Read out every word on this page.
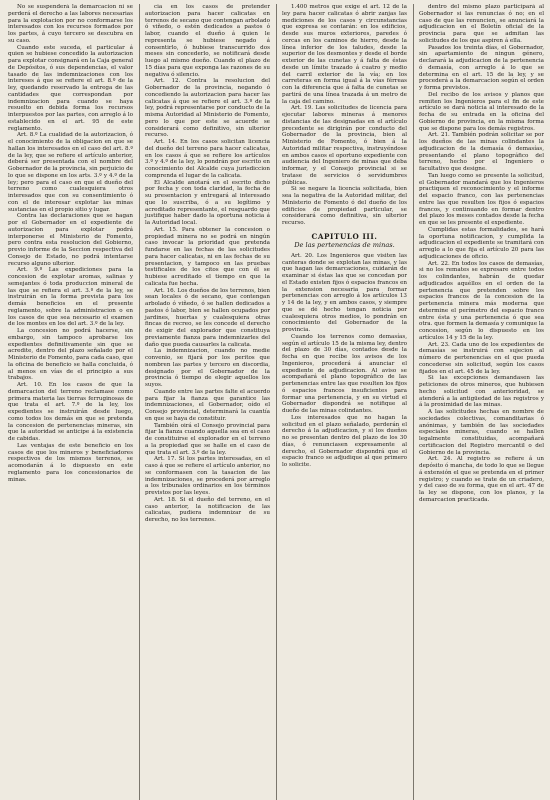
No se suspenderá la demarcacion ni se perderá el derecho a las labores necesarias para la explotacion por no conformarse los interesados con los recursos formados por los partes, á cuyo tercero se descubra en su caso.

Cuando este suceda, el particular á quien se hubiese concedido la autorizacion para explotar consignará en la Caja general de Depósitos, ó sus dependencias, el valor tasado de las indemnizaciones con los intereses á que se refiere el art. 8.º de la ley, quedando reservado la entrega de las cantidades que correspondan por indemnizacion para cuando se haya resuelto en debida forma los recursos interpuestos por las partes, con arreglo á lo establecido en el art. 95 de este reglamento.

Art. 8.º La cualidad de la autorizacion, ó el conocimiento de la obligacion en que se hallan los interesados en el caso del art. 8.º de la ley, que se refiere el artículo anterior, deberá ser presentada con el nombre del Gobernador de la provincia, sin perjuicio de lo que se dispone en los arts. 3.º y 4.º de la ley; pero para el caso en que el dueño del terreno como cualesquiera otros interesados que con su consentimiento ó con el de interesar explotar las minas sustancias en el propio sitio y lugar.

Contra las declaraciones que se hagan por el Gobernador en el expediente de autorizacion para explotar podrá interponerse el Ministerio de Fomento, pero contra esta resolucion del Gobierno, previo informe de la Seccion respectiva del Consejo de Estado, no podrá intentarse recurso alguno ulterior.

Art. 9.º Las expediciones para la concesion de explotar aromas, salinas y semejantes ó toda produccion mineral de las que se refiera el art. 3.º de la ley, se instruirán en la forma prevista para los demás beneficios en el presente reglamento, sobre la administracion o en los casos de que sea necesario el examen de los montes en los del art. 3.º de la ley.

La concesion no podrá hacerse, sin embargo, sin tampoco aprobarse los expedientes definitivamente sin que se acredite, dentro del plazo señalado por el Ministerio de Fomento, para cada caso, que la oficina de beneficio se halla concluida, ó al menos en vías de el principio a sus trabajos.

Art. 10. En los casos de que la demarcacion del terreno reclamase como primera materia las tierras ferruginosas de que trata el art. 7.º de la ley, los expedientes se instruirán desde luego, como todos los demás en que se pretenda la concesion de pertenencias mineras, sin que la autoridad se anticipe á la existencia de cabidas.

Las ventajas de este beneficio en los casos de que los mineros y beneficiadores respectivos de los mismos terrenos, se acomodarán á lo dispuesto en este reglamento para los concesionarios de minas.

cia en los casos de pretender autorizacion para hacer calicatas en terrenos de secano que contengan arbolado ó viñedo, o estén dedicados a pastos ó labor, cuando el dueño á quien le representa se hubiese negado á consentirlo, ó hubiese transcurrido dos meses sin concederlo, se notificará desde luego al mismo dueño. Cuando el plazo de 15 días para que exponga las razones de su negativa ó silencio.

Art. 12. Contra la resolucion del Gobernador de la provincia, negando ó concediendo la autorizacion para hacer las calicatas á que se refiere el art. 3.º de la ley, podrá representarse por conducto de la misma Autoridad al Ministerio de Fomento, pero lo que por este se acuerde se considerará como definitivo, sin ulterior recurso.

Art. 14. En los casos solicitan licencia del dueño del terreno para hacer calicatas, en los casos á que se refiere los artículos 3.º y 4.º de la ley, lo pondrán por escrito en conocimiento del Alcalde cuya jurisdiccion comprenda el lugar de la calicata.

El Alcalde anotará en el escrito dicho por fecha y con toda claridad, la fecha de su presentacion y entregará al interesado que lo suscriba, ó a su legítimo y acreditado representante, el resguardo que justifique haber dado la oportuna noticia á la Autoridad local.

Art. 15. Para obtener la concesion o propiedad minera no se podrá en ningún caso invocar la prioridad que pretenda fundarse en las fechas de las solicitudes para hacer calicatas, ni en las fechas de su presentacion, y tampoco en las pruebas testificales de los citos que con él se hubiese acreditado el tiempo en que la calicata fue hecha.

Art. 16. Los dueños de los terrenos, bien sean locales ó de secano, que contengan arbolado ó viñedo, ó se hallen dedicados a pastos ó labor, bien se hallen ocupados por jardines, huertas y cualesquiera otras fincas de recreo, se les concede el derecho de exigir del explorador que constituya previamente fianza para indemnizarles del daño que pueda causarles la calicata.

La indemnizacion, cuando no medie convenio, se fijará por los peritos que nombren las partes y tercero en discordia, designado por el Gobernador de la provincia ó tiempo de elegir aquellos los suyos.

Cuando entre las partes falte el acuerdo para fijar la fianza que garantice las indemnizaciones, el Gobernador, oído el Consejo provincial, determinará la cuantía en que se haya de constituir.

También oirá el Consejo provincial para fijar la fianza cuando aquella sea en el caso de constituirse el explorador en el terreno a la propiedad que se halle en el caso de que trata el art. 3.º de la ley.

Art. 17. Si los partes interesadas, en el caso á que se refiere el artículo anterior, no se conformasen con la tasacion de las indemnizaciones, se procederá por arreglo a los tribunales ordinarios en los términos previstos por las leyes.

Art. 18. Si el dueño del terreno, en el caso anterior, la notificacion de las calicatas, pudiera indemnizar de su derecho, no los terrenos.

1.400 metros que exige el art. 12 de la ley para hacer calicatas ó abrir zanjas las mediciones de los casos y circunstancias que expresa se contarán: en los edificios, desde sus muros exteriores, paredes ó cercas en los caminos de hierro, desde la línea inferior de los taludes, desde la superior de los desmontes y desde el borde exterior de las cunetas y á falta de éstas desde un límite trazado á cuatro y medio del carril exterior de la vía; en los carreteras en forma igual á la vías férreas con la diferencia que á falta de cunetas se partirá de una línea trazada á un metro de la caja del camino.

Art. 19. Las solicitudes de licencia para ejecutar labores mineras á menores distancias de las designadas en el artículo precedente se dirigirán por conducto del Gobernador de la provincia, bien al Ministerio de Fomento, ó bien á la Autoridad militar respectiva, instruyéndose en ambos casos el oportuno expediente con audiencia del Ingeniero de minas que deba informar, y el Consejo provincial si se tratase de servicios ó servidumbres públicas.

Si se negare la licencia solicitada, bien sea la negativa de la Autoridad militar, del Ministerio de Fomento ó del dueño de los edificios de propiedad particular, se considerará como definitiva, sin ulterior recurso.

CAPITULO III.
De las pertenencias de minas.

Art. 20. Los Ingenieros que visiten las canteras donde se explotan las minas, y las que hagan las demarcaciones, cuidarán de examinar si éstas las que se concedan por el Estado existen fijos ó espacios francos en la extension necesaria para formar pertenencias con arreglo á los artículos 13 y 14 de la ley, y en ambos casos, y siempre que se dé hecho tengan noticia por cualesquiera otros medios, lo pondrán en conocimiento del Gobernador de la provincia.

Cuando los terrenos como demasías, según el artículo 15 de la misma ley, dentro del plazo de 30 días, contados desde la fecha en que recibe los avisos de los Ingenieros, procederá á anunciar el expediente de adjudicacion. Al aviso se acompañará el plano topográfico de las pertenencias entre las que resulten los fijos ó espacios francos insuficientes para formar una pertenencia, y en su virtud el Gobernador dispondrá se notifique al dueño de las minas colindantes.

Los interesados que no hagan la solicitud en el plazo señalado, perderán el derecho á la adjudicacion, y si los dueños no se presentan dentro del plazo de los 30 días, ó renunciasen expresamente al derecho, el Gobernador dispondrá que el espacio franco se adjudique al que primero lo solicite.

dentro del mismo plazo participará al Gobernador si las renuncias ó no; en el caso de que las renuncien, se anunciará la adjudicacion en el Boletín oficial de la provincia para que se admitan las solicitudes de los que aspiren á ella.

Pasados los treinta días, el Gobernador, sin apartamiento de ningun género, declarará la adjudicacion de la pertenencia ó demasía, con arreglo á lo que se determina en el art. 15 de la ley, y se procederá a la demarcacion según el orden y forma previstos.

Del recibo de los avisos y planos que remiten los Ingenieros para el fin de este artículo se dará noticia al interesado de la fecha de su entrada en la oficina del Gobierno de provincia, en la misma forma que se dispone para los demás registros.

Art. 21. También podrán solicitar se por los dueños de las minas colindantes la adjudicacion de la demasía ó demasías, presentando el plano topográfico del terreno, hecho por el Ingeniero o facultativo que designe.

Tan luego como se presente la solicitud, el Gobernador mandará que los Ingenieros practiquen el reconocimiento y el informe del espacio franco, con las pertenencias entre las que resulten los fijos ó espacios francos, y continuando en formar dentro del plazo los meses contados desde la fecha en que se les presente el expediente.

Cumplidas estas formalidades, se hará la oportuna notificacion, y cumplida la adjudicacion el expediente se tramitará con arreglo a lo que fija el artículo 20 para las adjudicaciones de oficio.

Art. 22. En todos los casos de demasías, si no los remates se expresare entre todos los colindantes, habrán de quedar adjudicados aquéllos en el orden de la pertenencia que pretenden sobre los espacios francos de la concesion de la pertenencia minera más moderna que determine el perímetro del espacio franco entre ésta y una pertenencia ó que sea otra. que formen la demasía y comunique la concesion, según lo dispuesto en los artículos 14 y 15 de la ley.

Art. 23. Cada uno de los expedientes de demasías se instruirá con sujecion al número de pertenencias en el que pueda concederse sin solicitud, según los casos fijados en el art. 45 de la ley.

Si las excepciones demandasen las peticiones de otros mineros, que hubiesen hecho solicitud con anterioridad, se atenderá a la antigüedad de las registros y á la proximidad de las minas.

A las solicitudes hechas en nombre de sociedades colectivas, comanditarias ó anónimas, y también de las sociedades especiales mineras, cuando se hallen legalmente constituidas, acompañará certificacion del Registro mercantil o del Gobierno de la provincia.

Art. 24. Al registro se refiere á un depósito ó mancha, de todo lo que se llegue á extensión el que se pretenda en el primer registro; y cuando se trate de un criadero, y del caso de su forma, que en el art. 47 de la ley se dispone, con los planos, y la demarcacion practicada.
